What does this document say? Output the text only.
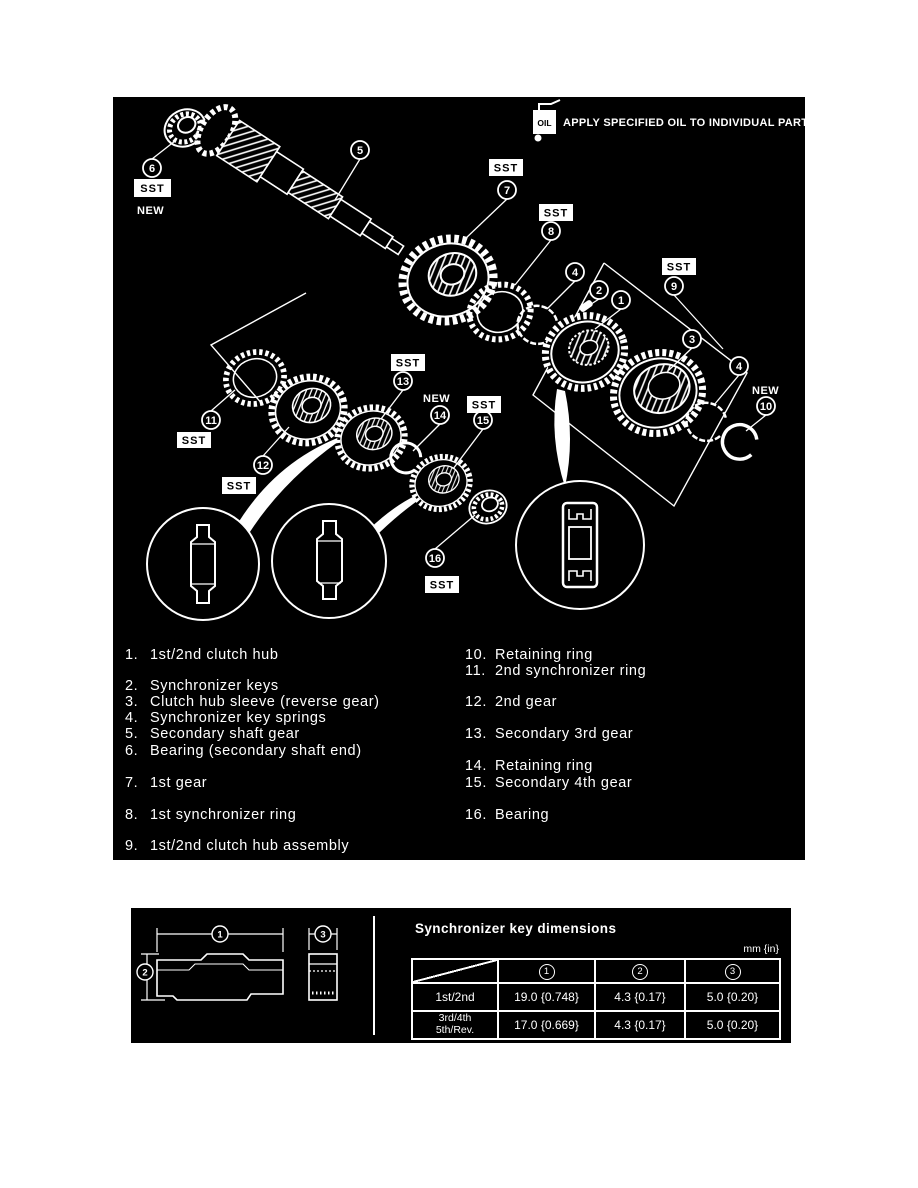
OIL APPLY SPECIFIED OIL TO INDIVIDUAL PARTS
6
5
7
8
4
2
1
9
3
4
10
11
12
13
14	15
16
SST
SST
SST
SST
SST
SST
SST
SST
SST
NEW
NEW
NEW
1. 1st/2nd clutch hub
2. Synchronizer keys
3. Clutch hub sleeve (reverse gear)
4. Synchronizer key springs
5. Secondary shaft gear
6. Bearing (secondary shaft end)
7. 1st gear
8. 1st synchronizer ring
9. 1st/2nd clutch hub assembly
10. Retaining ring
11. 2nd synchronizer ring
12. 2nd gear
13. Secondary 3rd gear
14. Retaining ring
15. Secondary 4th gear
16. Bearing
1
2
3	Synchronizer key dimensions
mm {in}
	1	2	3
1st/2nd	19.0 {0.748}	4.3 {0.17}	5.0 {0.20}

3rd/4th
5th/Rev.	17.0 {0.669}	4.3 {0.17}	5.0 {0.20}
